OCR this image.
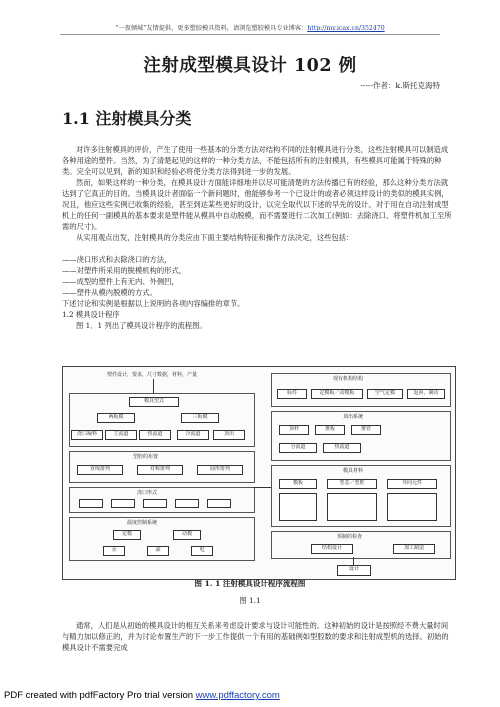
“一夜倾城”友情提供，更多塑胶模具资料，请浏览塑胶模具专业博客：http://my.icax.cn/352470
注射成型模具设计 102 例
-----作者：k.斯托克海特
1.1 注射模具分类

对许多注射模具的评价，产生了使用一些基本的分类方法对结构不同的注射模具进行分类，这些注射模具可以制造成各种用途的塑件。当然，为了清楚起见的这样的一种分类方法，不能包括所有的注射模具，有些模具可能属于特殊的种类。完全可以见到，新的知识和经验必将使分类方法得到进一步的发展。

然而，如果这样的一种分类，在模具设计方面能详细地并以尽可能清楚的方法传播已有的经验，那么这种分类方法就达到了它真正的目的。当模具设计者面临一个新问题时，他能够参考一个已设计的或者必须这样设计的类似的模具实例，况且，他应这些实例已收集的经验，甚至到达某些更好的设计，以完全取代以下述的早先的设计。对于用在自动注射成型机上的任何一副模具的基本要求是塑件能从模具中自动脱模，而不需要进行二次加工(例如：去除浇口、将塑件机加工至所需的尺寸)。

从实用观点出发，注射模具的分类应由下面主要结构特征和操作方法决定，这些包括：

——浇口形式和去除浇口的方法，

——对塑件所采用的脱模机构的形式，

——成型的塑件上有无内、外侧凹，

——塑件从模内脱模的方式。

下述讨论和实例是根据以上说明的各项内容编排的章节。

1.2 模具设计程序

图 1．1 列出了模具设计程序的流程图。

塑件设计，要求，尺寸数据，材料，产量
模具型式
两板模	三板模
浇口凝料	主流道	热流道	冷流道	顶出
型腔的布置
直线排列	对称排列	圆形排列
浇口形式
温度控制系统
定模	动模
水	油	电
现有机构结构
标件	定模板／动模板	空气定模	返回，制动
顶出系统
顶杆	推板	推管
分流道	热流道
模具材料
模板	型芯／型腔	导向元件
预制的检查
结构设计	加工制造
设计
图 1. 1 注射模具设计程序流程图
图 1.1

通常，人们是从初始的模具设计的相互关系来考虑设计要求与设计可能性的。这种初始的设计是按照经不费大量时间与精力加以修正的，并为讨论布置生产的下一步工作提供一个有用的基础例如型腔数的要求和注射成型机的选择。初始的模具设计不需要完成

PDF created with pdfFactory Pro trial version www.pdffactory.com
